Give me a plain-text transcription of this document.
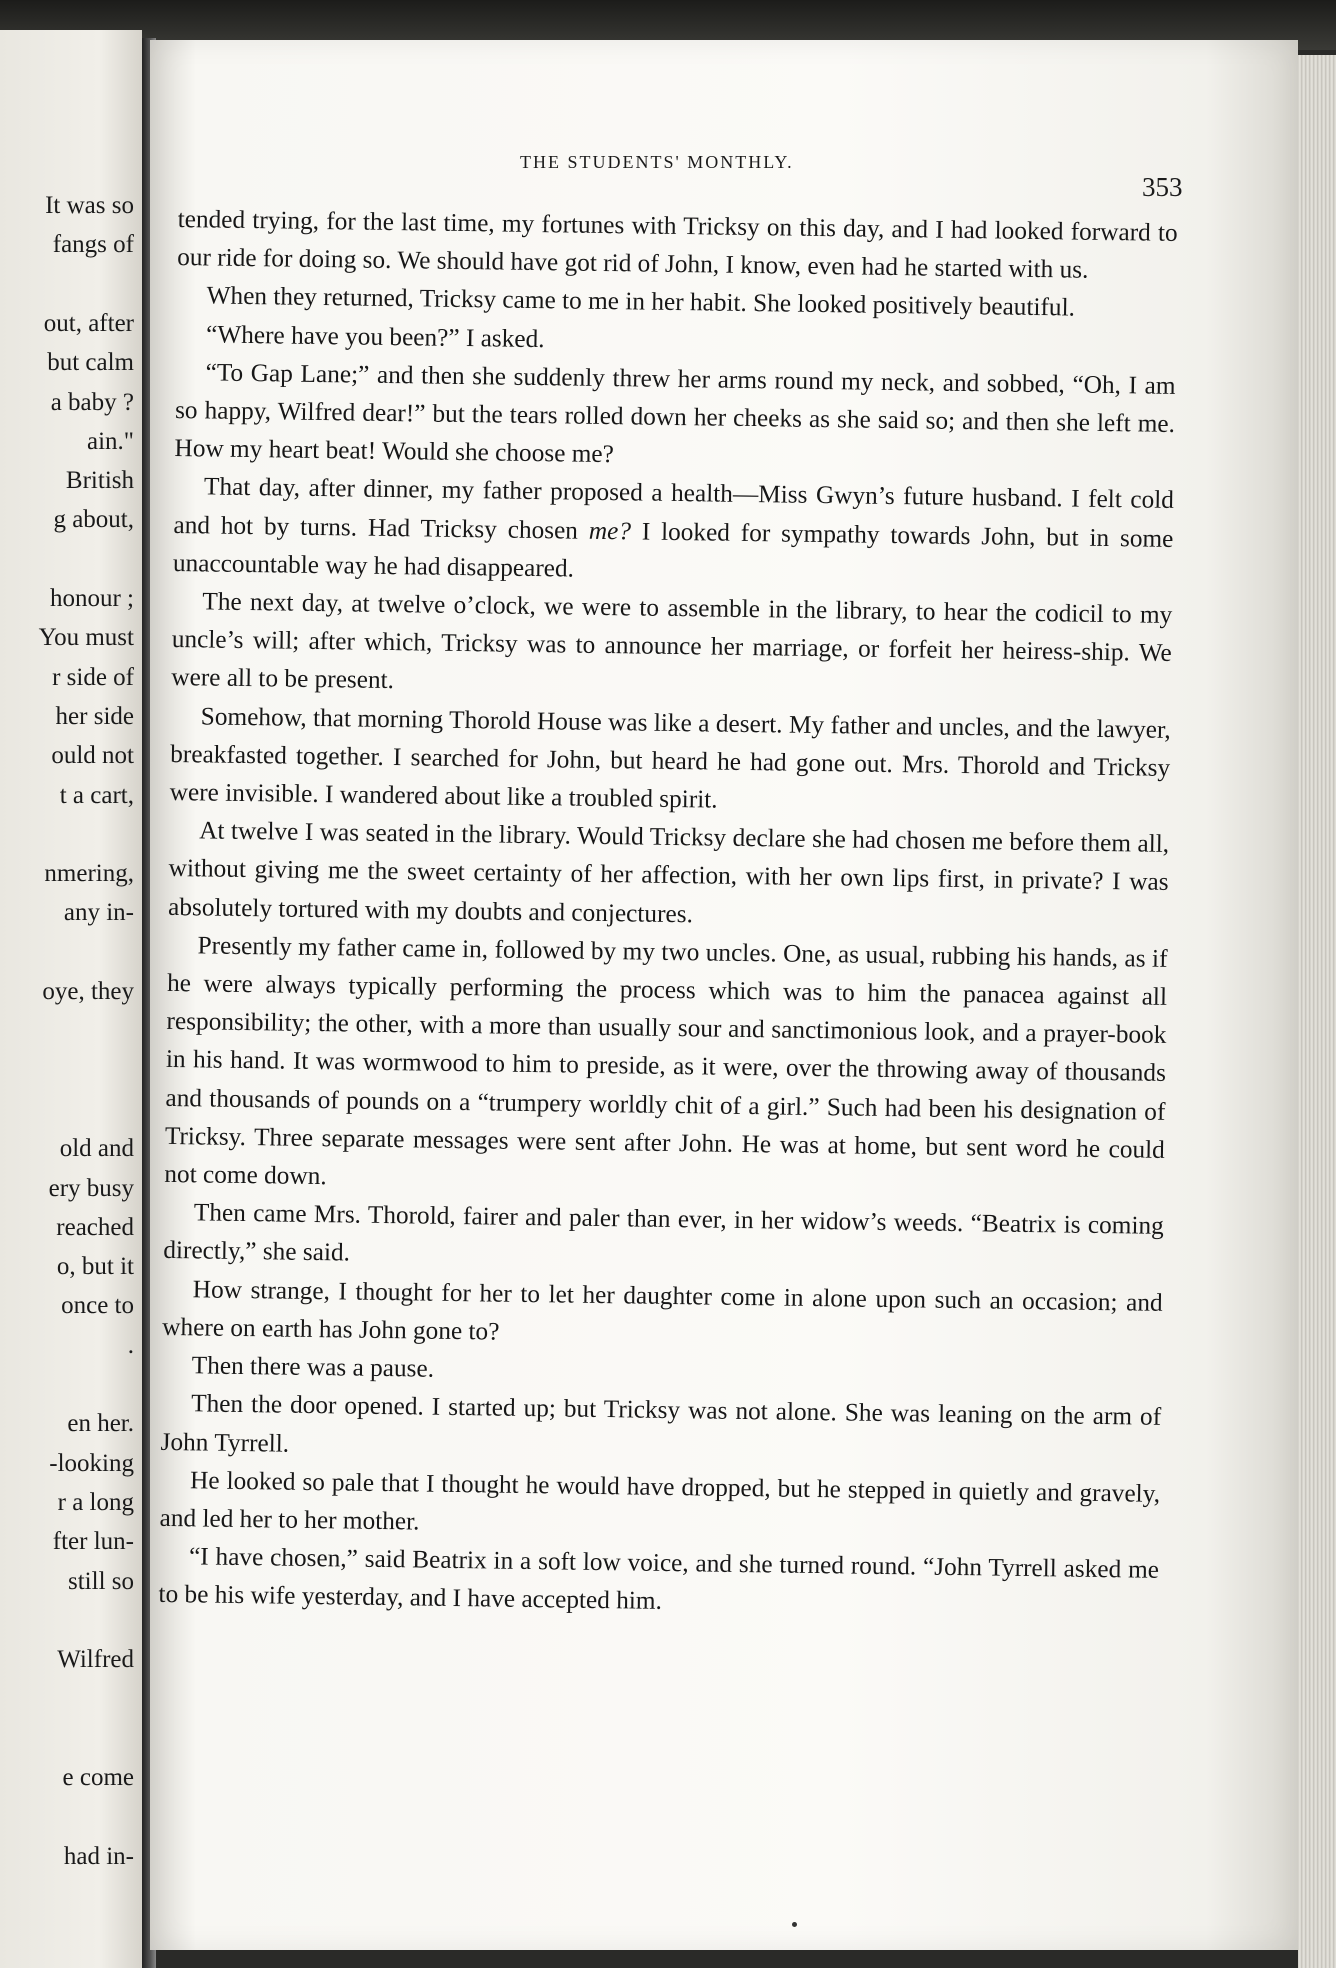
It was so
fangs of
out, after
but calm
a baby ?
ain."
British
g about,
honour ;
You must
r side of
her side
ould not
t a cart,
nmering,
any in-
oye, they
old and
ery busy
reached
o, but it
once to
.
en her.
-looking
r a long
fter lun-
still so
Wilfred
e come
had in-
THE STUDENTS' MONTHLY.
353

tended trying, for the last time, my fortunes with Tricksy on this day, and I had looked forward to our ride for doing so. We should have got rid of John, I know, even had he started with us.

When they returned, Tricksy came to me in her habit. She looked positively beautiful.

“Where have you been?” I asked.

“To Gap Lane;” and then she suddenly threw her arms round my neck, and sobbed, “Oh, I am so happy, Wilfred dear!” but the tears rolled down her cheeks as she said so; and then she left me. How my heart beat! Would she choose me?

That day, after dinner, my father proposed a health—Miss Gwyn’s future husband. I felt cold and hot by turns. Had Tricksy chosen me? I looked for sympathy towards John, but in some unaccountable way he had disappeared.

The next day, at twelve o’clock, we were to assemble in the library, to hear the codicil to my uncle’s will; after which, Tricksy was to announce her marriage, or forfeit her heiress-ship. We were all to be present.

Somehow, that morning Thorold House was like a desert. My father and uncles, and the lawyer, breakfasted together. I searched for John, but heard he had gone out. Mrs. Thorold and Tricksy were invisible. I wandered about like a troubled spirit.

At twelve I was seated in the library. Would Tricksy declare she had chosen me before them all, without giving me the sweet certainty of her affection, with her own lips first, in private? I was absolutely tortured with my doubts and conjectures.

Presently my father came in, followed by my two uncles. One, as usual, rubbing his hands, as if he were always typically performing the process which was to him the panacea against all responsibility; the other, with a more than usually sour and sanctimonious look, and a prayer-book in his hand. It was wormwood to him to preside, as it were, over the throwing away of thousands and thousands of pounds on a “trumpery worldly chit of a girl.” Such had been his designation of Tricksy. Three separate messages were sent after John. He was at home, but sent word he could not come down.

Then came Mrs. Thorold, fairer and paler than ever, in her widow’s weeds. “Beatrix is coming directly,” she said.

How strange, I thought for her to let her daughter come in alone upon such an occasion; and where on earth has John gone to?

Then there was a pause.

Then the door opened. I started up; but Tricksy was not alone. She was leaning on the arm of John Tyrrell.

He looked so pale that I thought he would have dropped, but he stepped in quietly and gravely, and led her to her mother.

“I have chosen,” said Beatrix in a soft low voice, and she turned round. “John Tyrrell asked me to be his wife yesterday, and I have accepted him.
